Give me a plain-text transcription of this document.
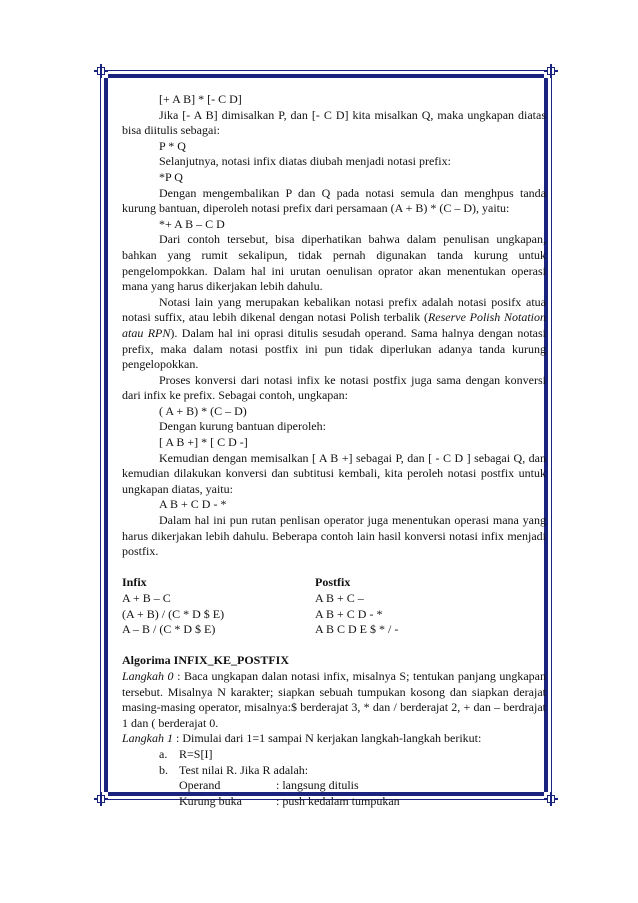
[+ A B] * [- C D]

Jika [- A B] dimisalkan P, dan [- C D] kita misalkan Q, maka ungkapan diatas bisa diitulis sebagai:

P * Q

Selanjutnya, notasi infix diatas diubah menjadi notasi prefix:

*P Q

Dengan mengembalikan P dan Q pada notasi semula dan menghpus tanda kurung bantuan, diperoleh notasi prefix dari persamaan (A + B) * (C – D), yaitu:

*+ A B – C D

Dari contoh tersebut, bisa diperhatikan bahwa dalam penulisan ungkapan, bahkan yang rumit sekalipun, tidak pernah digunakan tanda kurung untuk pengelompokkan. Dalam hal ini urutan oenulisan oprator akan menentukan operasi mana yang harus dikerjakan lebih dahulu.

Notasi lain yang merupakan kebalikan notasi prefix adalah notasi posifx atua notasi suffix, atau lebih dikenal dengan notasi Polish terbalik (Reserve Polish Notation atau RPN). Dalam hal ini oprasi ditulis sesudah operand. Sama halnya dengan notasi prefix, maka dalam notasi postfix ini pun tidak diperlukan adanya tanda kurung pengelopokkan.

Proses konversi dari notasi infix ke notasi postfix juga sama dengan konversi dari infix ke prefix. Sebagai contoh, ungkapan:

( A + B) * (C – D)

Dengan kurung bantuan diperoleh:

[ A B +] * [ C D -]

Kemudian dengan memisalkan [ A B +] sebagai P, dan [ - C D ] sebagai Q, dan kemudian dilakukan konversi dan subtitusi kembali, kita peroleh notasi postfix untuk ungkapan diatas, yaitu:

A B + C D - *

Dalam hal ini pun rutan penlisan operator juga menentukan operasi mana yang harus dikerjakan lebih dahulu. Beberapa contoh lain hasil konversi notasi infix menjadi postfix.

Infix	Postfix
A + B – C	A B + C –
(A + B) / (C * D $ E)	A B + C D - *
A – B / (C * D $ E)	A B C D E $ * / -

Algorima INFIX_KE_POSTFIX

Langkah 0 : Baca ungkapan dalan notasi infix, misalnya S; tentukan panjang ungkapan tersebut. Misalnya N karakter; siapkan sebuah tumpukan kosong dan siapkan derajat masing-masing operator, misalnya:$ berderajat 3, * dan / berderajat 2, + dan – berdrajat 1 dan ( berderajat 0.

Langkah 1 : Dimulai dari 1=1 sampai N kerjakan langkah-langkah berikut:

a. R=S[I]
b. Test nilai R. Jika R adalah:
Operand	: langsung ditulis
Kurung buka	: push kedalam tumpukan
